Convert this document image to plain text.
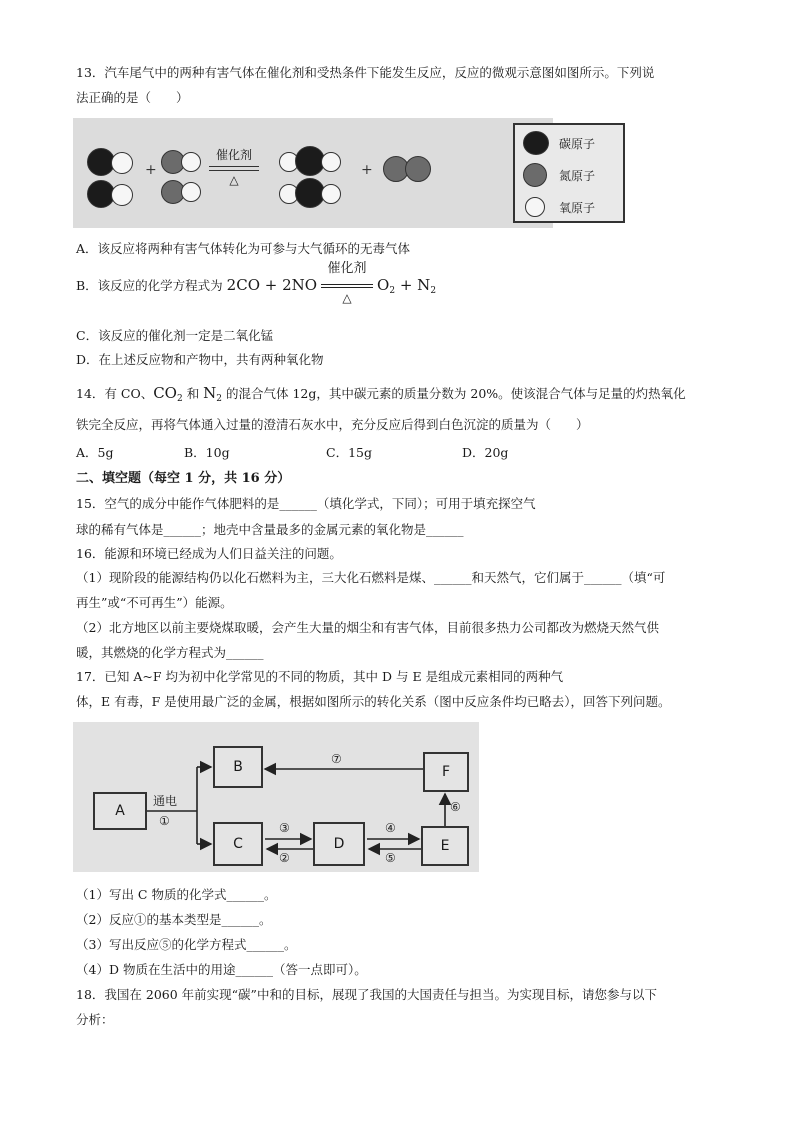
13．汽车尾气中的两种有害气体在催化剂和受热条件下能发生反应，反应的微观示意图如图所示。下列说
法正确的是（　　）
+
催化剂
△
+
碳原子
氮原子
氧原子
A．该反应将两种有害气体转化为可参与大气循环的无毒气体
B．该反应的化学方程式为 2CO + 2NO
催化剂
△
$O_2 + N_2$
C．该反应的催化剂一定是二氧化锰
D．在上述反应物和产物中，共有两种氧化物
14．有 CO、$CO_2$ 和 $N_2$ 的混合气体 12g，其中碳元素的质量分数为 20%。使该混合气体与足量的灼热氧化
铁完全反应，再将气体通入过量的澄清石灰水中，充分反应后得到白色沉淀的质量为（　　）
A．5g	B．10g	C．15g	D．20g
二、填空题（每空 1 分，共 16 分）
15．空气的成分中能作气体肥料的是______（填化学式，下同）；可用于填充探空气
球的稀有气体是______；地壳中含量最多的金属元素的氧化物是______
16．能源和环境已经成为人们日益关注的问题。
（1）现阶段的能源结构仍以化石燃料为主，三大化石燃料是煤、______和天然气，它们属于______（填“可
再生”或“不可再生”）能源。
（2）北方地区以前主要烧煤取暖，会产生大量的烟尘和有害气体，目前很多热力公司都改为燃烧天然气供
暖，其燃烧的化学方程式为______
17．已知 A~F 均为初中化学常见的不同的物质，其中 D 与 E 是组成元素相同的两种气
体，E 有毒，F 是使用最广泛的金属，根据如图所示的转化关系（图中反应条件均已略去），回答下列问题。
A
B
C	D	E
F
通电
①	③
②
④
⑤
⑥
⑦
（1）写出 C 物质的化学式______。
（2）反应①的基本类型是______。
（3）写出反应⑤的化学方程式______。
（4）D 物质在生活中的用途______（答一点即可）。
18．我国在 2060 年前实现“碳”中和的目标，展现了我国的大国责任与担当。为实现目标，请您参与以下
分析：
